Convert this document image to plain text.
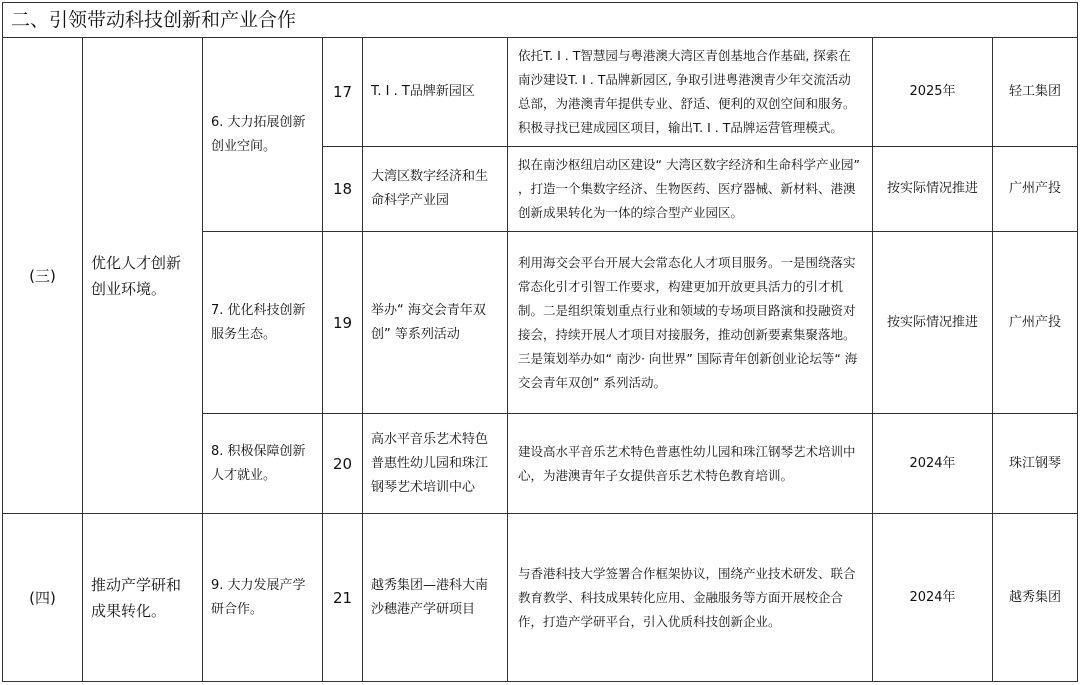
二、引领带动科技创新和产业合作							
(三)	优化人才创新创业环境。	6. 大力拓展创新创业空间。	17	T. I . T品牌新园区	依托T. I . T智慧园与粤港澳大湾区青创基地合作基础, 探索在南沙建设T. I . T品牌新园区, 争取引进粤港澳青少年交流活动总部，为港澳青年提供专业、舒适、便利的双创空间和服务。积极寻找已建成园区项目，输出T. I . T品牌运营管理模式。	2025年	轻工集团
			18	大湾区数字经济和生命科学产业园	拟在南沙枢纽启动区建设“ 大湾区数字经济和生命科学产业园” ，打造一个集数字经济、生物医药、医疗器械、新材料、港澳创新成果转化为一体的综合型产业园区。	按实际情况推进	广州产投
		7. 优化科技创新服务生态。	19	举办“ 海交会青年双创” 等系列活动	利用海交会平台开展大会常态化人才项目服务。一是围绕落实常态化引才引智工作要求，构建更加开放更具活力的引才机制。二是组织策划重点行业和领域的专场项目路演和投融资对接会，持续开展人才项目对接服务，推动创新要素集聚落地。三是策划举办如“ 南沙· 向世界” 国际青年创新创业论坛等“ 海交会青年双创” 系列活动。	按实际情况推进	广州产投
		8. 积极保障创新人才就业。	20	高水平音乐艺术特色普惠性幼儿园和珠江钢琴艺术培训中心	建设高水平音乐艺术特色普惠性幼儿园和珠江钢琴艺术培训中心，为港澳青年子女提供音乐艺术特色教育培训。	2024年	珠江钢琴
(四)	推动产学研和成果转化。	9. 大力发展产学研合作。	21	越秀集团—港科大南沙穗港产学研项目	与香港科技大学签署合作框架协议，围绕产业技术研发、联合教育教学、科技成果转化应用、金融服务等方面开展校企合作，打造产学研平台，引入优质科技创新企业。	2024年	越秀集团
